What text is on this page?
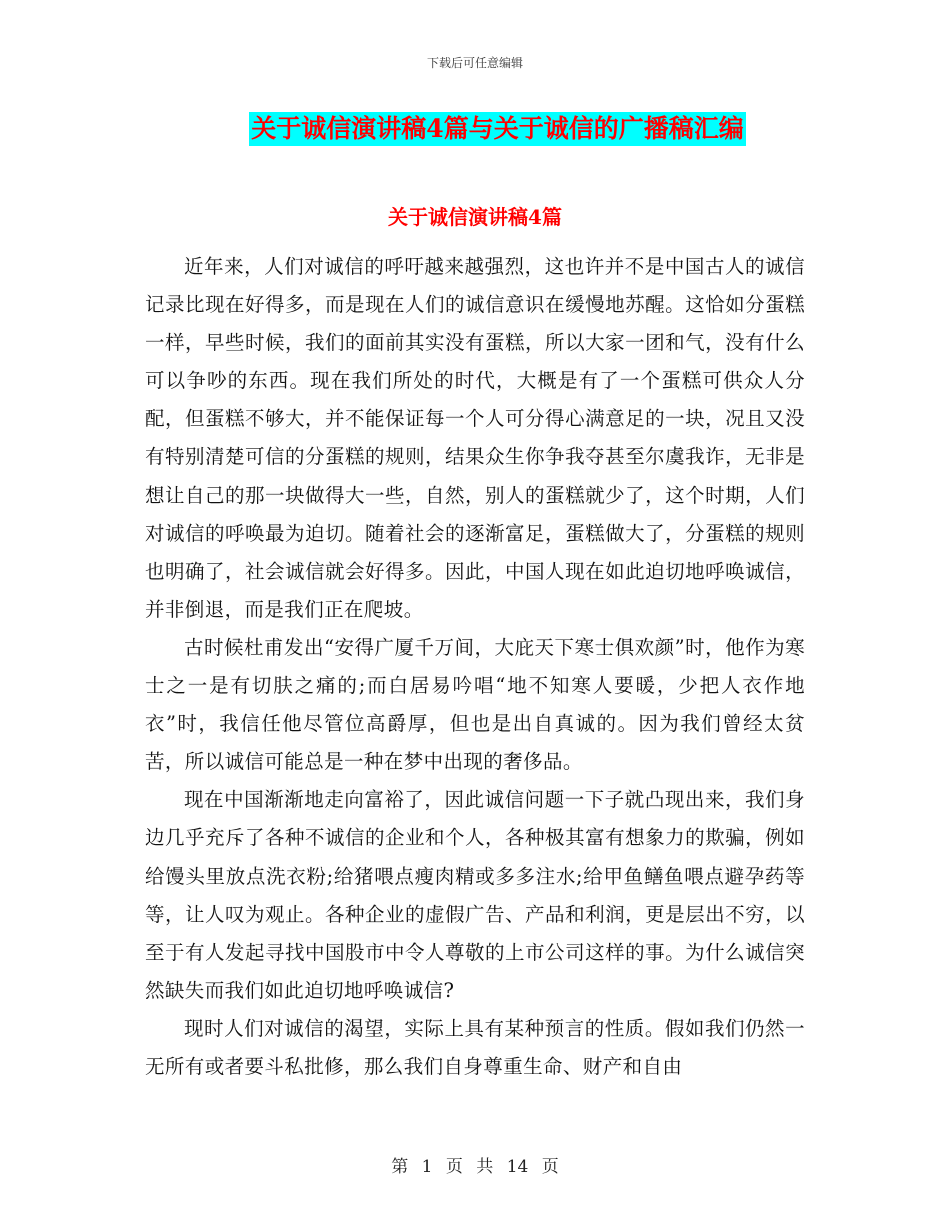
下载后可任意编辑
关于诚信演讲稿4篇与关于诚信的广播稿汇编
关于诚信演讲稿4篇

近年来，人们对诚信的呼吁越来越强烈，这也许并不是中国古人的诚信记录比现在好得多，而是现在人们的诚信意识在缓慢地苏醒。这恰如分蛋糕一样，早些时候，我们的面前其实没有蛋糕，所以大家一团和气，没有什么可以争吵的东西。现在我们所处的时代，大概是有了一个蛋糕可供众人分配，但蛋糕不够大，并不能保证每一个人可分得心满意足的一块，况且又没有特别清楚可信的分蛋糕的规则，结果众生你争我夺甚至尔虞我诈，无非是想让自己的那一块做得大一些，自然，别人的蛋糕就少了，这个时期，人们对诚信的呼唤最为迫切。随着社会的逐渐富足，蛋糕做大了，分蛋糕的规则也明确了，社会诚信就会好得多。因此，中国人现在如此迫切地呼唤诚信，并非倒退，而是我们正在爬坡。

古时候杜甫发出“安得广厦千万间，大庇天下寒士俱欢颜”时，他作为寒士之一是有切肤之痛的;而白居易吟唱“地不知寒人要暖，少把人衣作地衣”时，我信任他尽管位高爵厚，但也是出自真诚的。因为我们曾经太贫苦，所以诚信可能总是一种在梦中出现的奢侈品。

现在中国渐渐地走向富裕了，因此诚信问题一下子就凸现出来，我们身边几乎充斥了各种不诚信的企业和个人，各种极其富有想象力的欺骗，例如给馒头里放点洗衣粉;给猪喂点瘦肉精或多多注水;给甲鱼鳝鱼喂点避孕药等等，让人叹为观止。各种企业的虚假广告、产品和利润，更是层出不穷，以至于有人发起寻找中国股市中令人尊敬的上市公司这样的事。为什么诚信突然缺失而我们如此迫切地呼唤诚信?

现时人们对诚信的渴望，实际上具有某种预言的性质。假如我们仍然一无所有或者要斗私批修，那么我们自身尊重生命、财产和自由

第 1 页 共 14 页
